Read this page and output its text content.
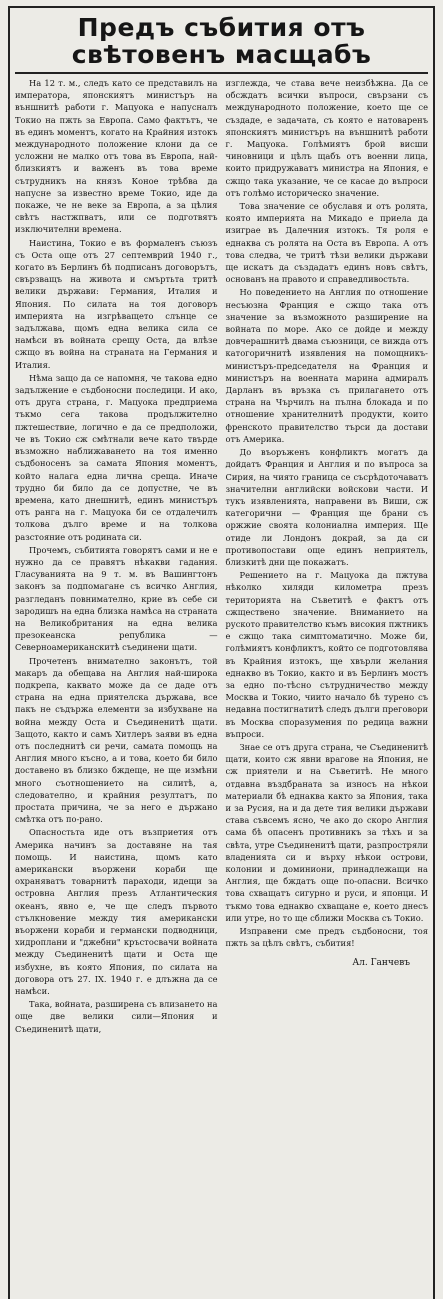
Предъ събития отъ
свѣтовенъ масщабъ

На 12 т. м., следъ като се представилъ на императора, японскиятъ министъръ на външнитѣ работи г. Мацуока е напусналъ Токио на пжть за Европа. Само фактътъ, че въ единъ моментъ, когато на Крайния изтокъ международното положение клони да се усложни не малко отъ това въ Европа, най-близкиятъ и важенъ въ това време сътрудникъ на князъ Коное трѣбва да напусне за известно време Токио, иде да покаже, че не веке за Европа, а за цѣлия свѣтъ настжпватъ, или се подготвятъ изключителни времена.

Наистина, Токио е въ формаленъ съюзъ съ Оста още отъ 27 септемврий 1940 г., когато въ Берлинъ бѣ подписанъ договорътъ, свързващъ на живота и смъртьта тритѣ велики държави: Германия, Италия и Япония. По силата на тоя договоръ империята на изгрѣващето слънце се задължава, щомъ една велика сила се намѣси въ войната срещу Оста, да влѣзе сжщо въ война на страната на Германия и Италия.

Нѣма защо да се напомня, че такова едно задължение е съдбоносни последици. И ако, отъ друга страна, г. Мацуока предприема тъкмо сега такова продължително пжтешествие, логично е да се предположи, че въ Токио сж смѣтнали вече като твърде възможно наближаването на тоя именно съдбоносенъ за самата Япония моментъ, който налага една лична среща. Иначе трудно би било да се допустне, че въ времена, като днешнитѣ, единъ министъръ отъ ранга на г. Мацуока би се отдалечилъ толкова дълго време и на толкова разстояние отъ родината си.

Прочемъ, събитията говорятъ сами и не е нужно да се правятъ нѣкакви гадания. Гласуванията на 9 т. м. въ Вашингтонъ законъ за подпомагане съ всичко Англия, разгледанъ повнимателно, крие въ себе си зародишъ на една близка намѣса на страната на Великобритания на една велика презокеанска република — Северноамериканскитѣ съединени щати.

Прочетенъ внимателно законътъ, той макаръ да обещава на Англия най-широка подкрепа, каквато може да се даде отъ страна на една приятелска държава, все пакъ не съдържа елементи за избухване на война между Оста и Съединенитѣ щати. Защото, както и самъ Хитлеръ заяви въ една отъ последнитѣ си речи, самата помощь на Англия много късно, а и това, което би било доставено въ близко бждеще, не ще измѣни много съотношението на силитѣ, а, следователно, и крайния резултатъ, по простата причина, че за него е държано смѣтка отъ по-рано.

Опасностьта иде отъ възприетия отъ Америка начинъ за доставяне на тая помощь. И наистина, щомъ като американски въоржени кораби ще охраняватъ товарнитѣ параходи, идещи за островна Англия презъ Атлантическия океанъ, явно е, че ще следъ първото стълкновение между тия американски въоржени кораби и германски подводници, хидроплани и "джебни" кръстосвачи войната между Съединенитѣ щати и Оста ще избухне, въ която Япония, по силата на договора отъ 27. IX. 1940 г. е длъжна да се намѣси.

Така, войната, разширена съ влизането на още две велики сили—Япония и Съединенитѣ щати,

изглежда, че става вече неизбѣжна. Да се обсждатъ всички въпроси, свързани съ международното положение, което ще се създаде, е задачата, съ която е натоваренъ японскиятъ министъръ на външнитѣ работи г. Мацуока. Голѣмиятъ брой висши чиновници и цѣлъ щабъ отъ военни лица, които придружаватъ министра на Япония, е сжщо така указание, че се касае до въпроси отъ голѣмо историческо значение.

Това значение се обуславя и отъ ролята, която империята на Микадо е приела да изиграе въ Далечния изтокъ. Тя роля е еднаква съ ролята на Оста въ Европа. А отъ това следва, че тритѣ тѣзи велики държави ще искатъ да създадатъ единъ новъ свѣтъ, основанъ на правото и справедливостьта.

Но поведението на Англия по отношение несъюзна Франция е сжщо така отъ значение за възможното разширение на войната по море. Ако се дойде и между довчерашнитѣ двама съюзници, се вижда отъ катогоричнитѣ изявления на помощникъ-министъръ-председателя на Франция и министъръ на военната марина адмиралъ Дарланъ въ връзка съ прилагането отъ страна на Чърчилъ на пълна блокада и по отношение хранителнитѣ продукти, които френското правителство търси да достави отъ Америка.

До въоръженъ конфликтъ могатъ да дойдатъ Франция и Англия и по въпроса за Сирия, на чиято граница се съсрѣдоточаватъ значителни английски войскови части. И тукъ изявленията, направени въ Виши, сж категорични — Франция ще брани съ оржжие своята колониална империя. Ще отиде ли Лондонъ докрай, за да си противопостави още единъ неприятель, близкитѣ дни ще покажатъ.

Решението на г. Мацуока да пжтува нѣколко хиляди километра презъ територията на Съветитѣ е фактъ отъ сжществено значение. Вниманието на руското правителство къмъ високия пжтникъ е сжщо така симптоматично. Може би, голѣмиятъ конфликтъ, който се подготовлява въ Крайния изтокъ, ще хвърли желания еднакво въ Токио, както и въ Берлинъ мостъ за едно по-тѣсно сътрудничество между Москва и Токио, чиито начало бѣ турено съ недавна постигнатитѣ следъ дълги преговори въ Москва споразумения по редица важни въпроси.

Знае се отъ друга страна, че Съединенитѣ щати, които сж явни врагове на Япония, не сж приятели и на Съветитѣ. Не много отдавна въздбраната за износъ на нѣкои материали бѣ еднаква както за Япония, така и за Русия, на и да дете тия велики държави става съвсемъ ясно, че ако до скоро Англия сама бѣ опасенъ противникъ за тѣхъ и за свѣта, утре Съединенитѣ щати, разпростряли владенията си и върху нѣкои острови, колонии и доминиони, принадлежащи на Англия, ще бждатъ още по-опасни. Всичко това схващатъ сигурно и руси, и японци. И тъкмо това еднакво схващане е, което днесъ или утре, но то ще сближи Москва съ Токио.

Изправени сме предъ съдбоносни, тоя пжть за цѣлъ свѣтъ, събития!

Ал. Ганчевъ
